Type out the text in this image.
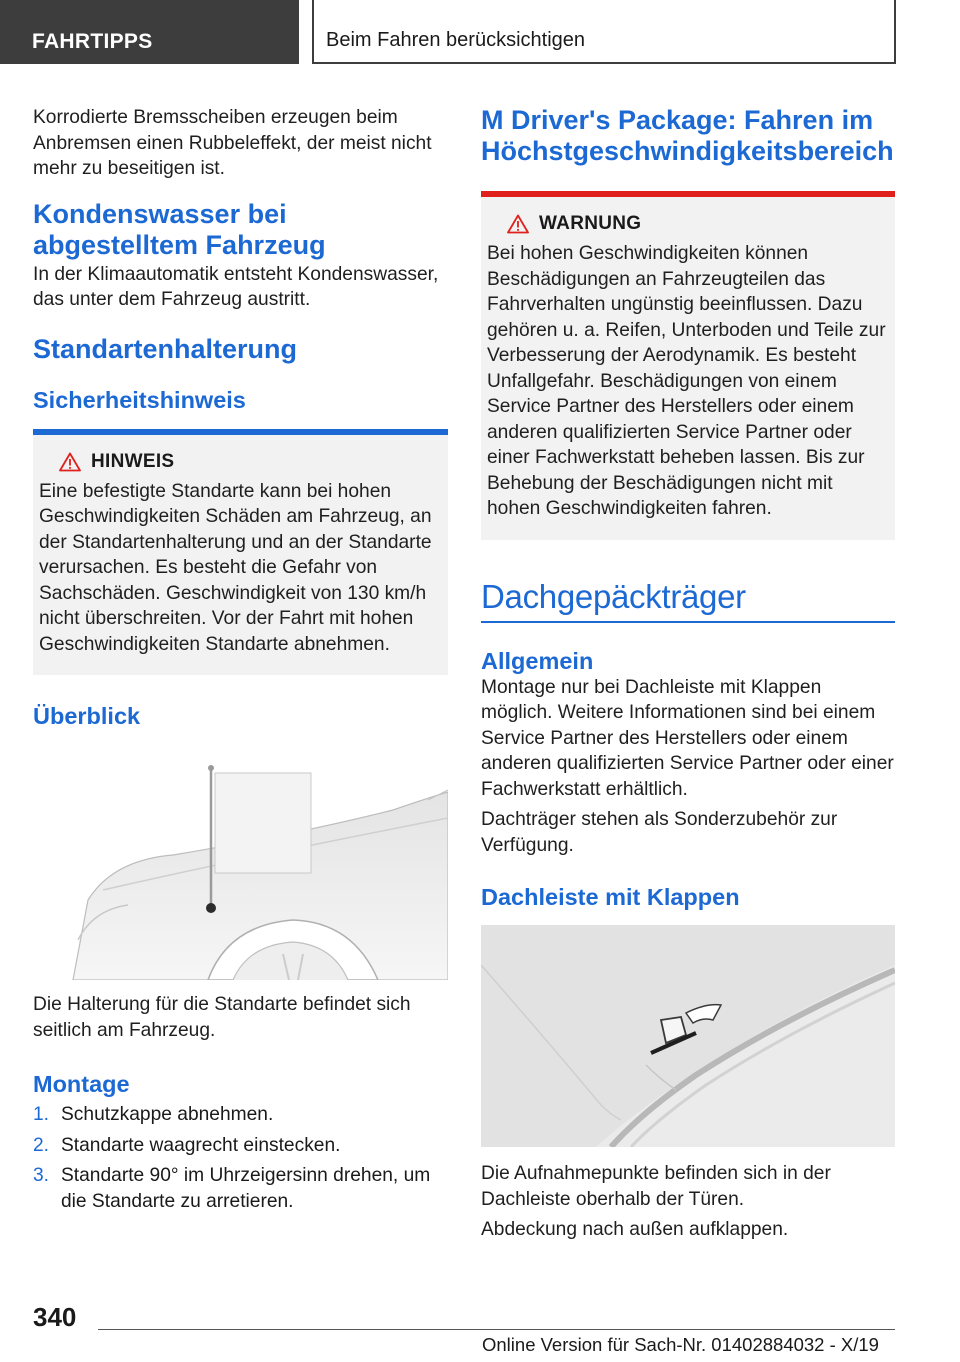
FAHRTIPPS	Beim Fahren berücksichtigen

Korrodierte Bremsscheiben erzeugen beim Anbremsen einen Rubbeleffekt, der meist nicht mehr zu beseitigen ist.

Kondenswasser bei abgestelltem Fahrzeug

In der Klimaautomatik entsteht Kondenswasser, das unter dem Fahrzeug austritt.

Standartenhalterung
Sicherheitshinweis
HINWEIS

Eine befestigte Standarte kann bei hohen Geschwindigkeiten Schäden am Fahrzeug, an der Standartenhalterung und an der Standarte verursachen. Es besteht die Gefahr von Sachschäden. Geschwindigkeit von 130 km/h nicht überschreiten. Vor der Fahrt mit hohen Geschwindigkeiten Standarte abnehmen.

Überblick

Die Halterung für die Standarte befindet sich seitlich am Fahrzeug.

Montage
1. Schutzkappe abnehmen.
2. Standarte waagrecht einstecken.
3. Standarte 90° im Uhrzeigersinn drehen, um die Standarte zu arretieren.
M Driver's Package: Fahren im Höchstgeschwindigkeitsbereich
WARNUNG

Bei hohen Geschwindigkeiten können Beschädigungen an Fahrzeugteilen das Fahrverhalten ungünstig beeinflussen. Dazu gehören u. a. Reifen, Unterboden und Teile zur Verbesserung der Aerodynamik. Es besteht Unfallgefahr. Beschädigungen von einem Service Partner des Herstellers oder einem anderen qualifizierten Service Partner oder einer Fachwerkstatt beheben lassen. Bis zur Behebung der Beschädigungen nicht mit hohen Geschwindigkeiten fahren.

Dachgepäckträger
Allgemein

Montage nur bei Dachleiste mit Klappen möglich. Weitere Informationen sind bei einem Service Partner des Herstellers oder einem anderen qualifizierten Service Partner oder einer Fachwerkstatt erhältlich.

Dachträger stehen als Sonderzubehör zur Verfügung.

Dachleiste mit Klappen

Die Aufnahmepunkte befinden sich in der Dachleiste oberhalb der Türen.

Abdeckung nach außen aufklappen.

340
Online Version für Sach-Nr. 01402884032 - X/19
